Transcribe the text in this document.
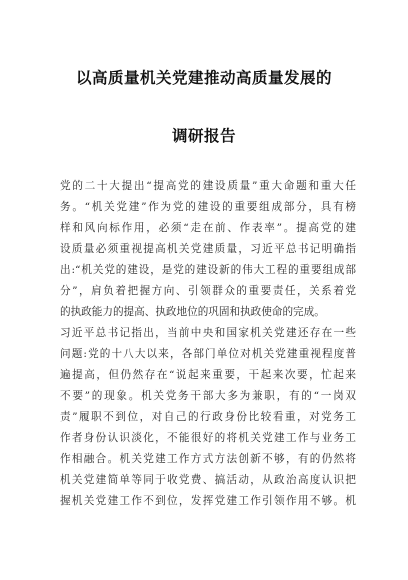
以高质量机关党建推动高质量发展的
调研报告
党的二十大提出“提高党的建设质量”重大命题和重大任
务。“机关党建”作为党的建设的重要组成部分，具有榜
样和风向标作用，必须“走在前、作表率”。提高党的建
设质量必须重视提高机关党建质量，习近平总书记明确指
出:“机关党的建设，是党的建设新的伟大工程的重要组成部
分”，肩负着把握方向、引领群众的重要责任，关系着党
的执政能力的提高、执政地位的巩固和执政使命的完成。
习近平总书记指出，当前中央和国家机关党建还存在一些
问题:党的十八大以来，各部门单位对机关党建重视程度普
遍提高，但仍然存在“说起来重要，干起来次要，忙起来
不要”的现象。机关党务干部大多为兼职，有的“一岗双
责”履职不到位，对自己的行政身份比较看重，对党务工
作者身份认识淡化，不能很好的将机关党建工作与业务工
作相融合。机关党建工作方式方法创新不够，有的仍然将
机关党建简单等同于收党费、搞活动，从政治高度认识把
握机关党建工作不到位，发挥党建工作引领作用不够。机
